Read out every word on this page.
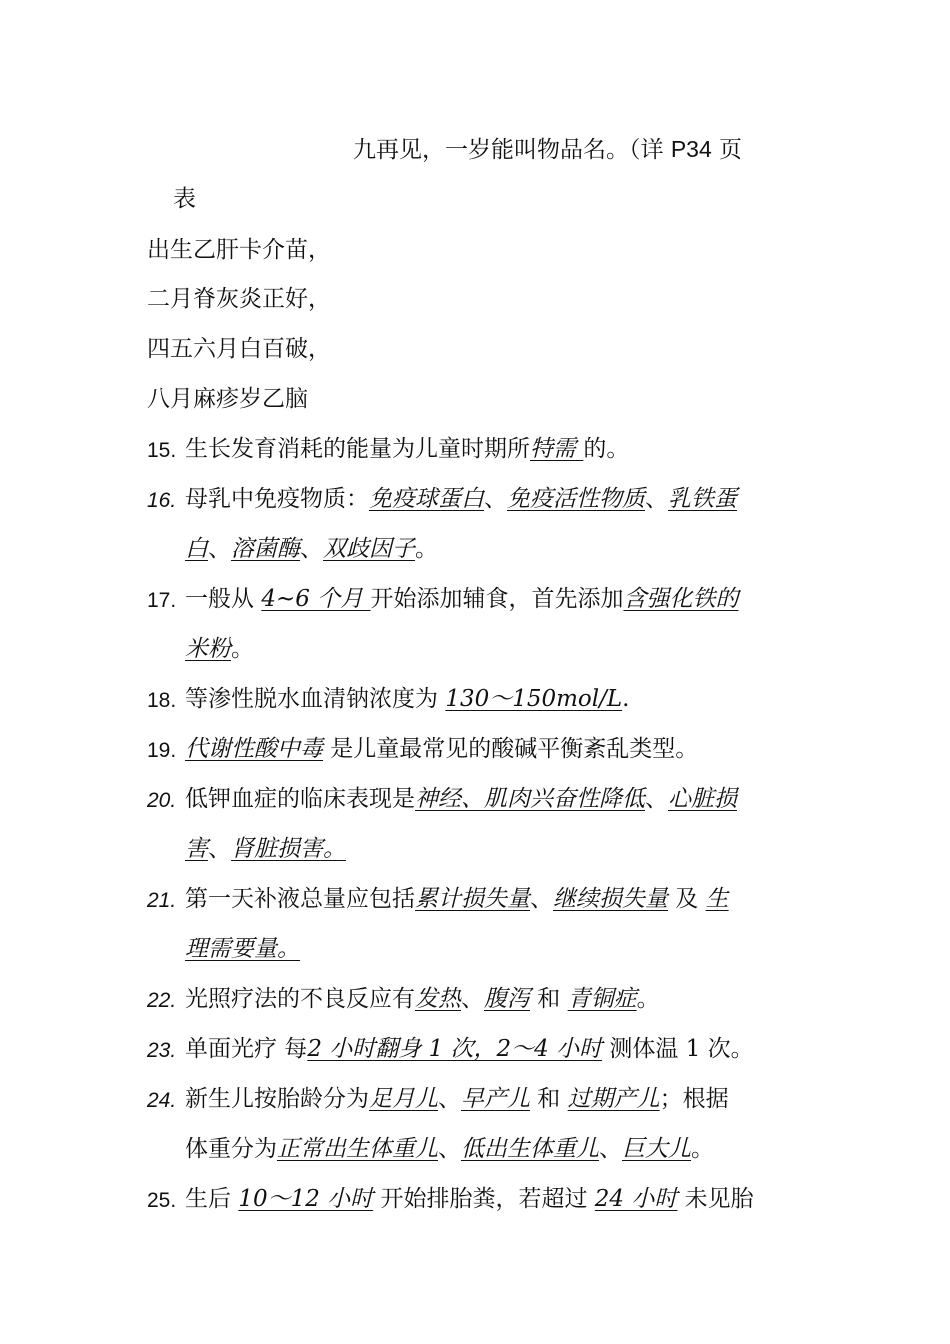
九再见，一岁能叫物品名。（详 P34 页
表
出生乙肝卡介苗，
二月脊灰炎正好，
四五六月白百破，
八月麻疹岁乙脑
15. 生长发育消耗的能量为儿童时期所特需 的。
16. 母乳中免疫物质：免疫球蛋白、免疫活性物质、乳铁蛋
白、溶菌酶、双歧因子。
17. 一般从 4~6 个月 开始添加辅食，首先添加含强化铁的
米粉。
18. 等渗性脱水血清钠浓度为 130～150mol/L.
19. 代谢性酸中毒 是儿童最常见的酸碱平衡紊乱类型。
20. 低钾血症的临床表现是神经、肌肉兴奋性降低、心脏损
害、肾脏损害。
21. 第一天补液总量应包括累计损失量、继续损失量 及 生
理需要量。
22. 光照疗法的不良反应有发热、腹泻 和 青铜症。
23. 单面光疗 每2 小时翻身 1 次，2～4 小时 测体温 1 次。
24. 新生儿按胎龄分为足月儿、早产儿 和 过期产儿；根据
体重分为正常出生体重儿、低出生体重儿、巨大儿。
25. 生后 10～12 小时 开始排胎粪，若超过 24 小时 未见胎
